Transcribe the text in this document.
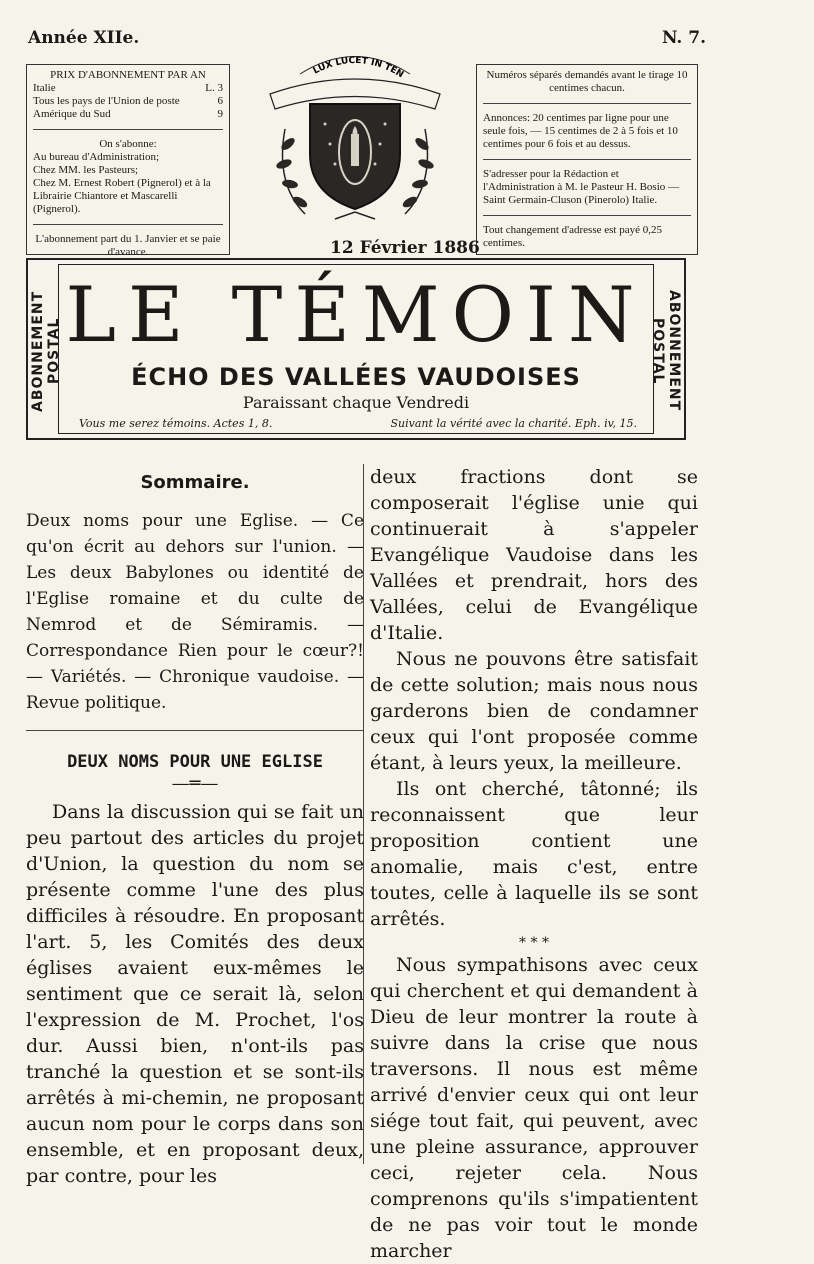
Année XIIe.	N. 7.

PRIX D'ABONNEMENT PAR AN

Italie	L. 3
Tous les pays de l'Union de poste	6
Amérique du Sud	9

On s'abonne:

Au bureau d'Administration;

Chez MM. les Pasteurs;

Chez M. Ernest Robert (Pignerol) et à la Librairie Chiantore et Mascarelli (Pignerol).

L'abonnement part du 1. Janvier et se paie d'avance.

LUX LUCET IN TEN	Numéros séparés demandés avant le tirage 10 centimes chacun.

Annonces: 20 centimes par ligne pour une seule fois, — 15 centimes de 2 à 5 fois et 10 centimes pour 6 fois et au dessus.

S'adresser pour la Rédaction et l'Administration à M. le Pasteur H. Bosio — Saint Germain-Cluson (Pinerolo) Italie.

Tout changement d'adresse est payé 0,25 centimes.

12 Février 1886
ABONNEMENT POSTAL	ABONNEMENT POSTAL
LE TÉMOIN
ÉCHO DES VALLÉES VAUDOISES
Paraissant chaque Vendredi
Vous me serez témoins. Actes 1, 8.	Suivant la vérité avec la charité. Eph. iv, 15.
Sommaire.
Deux noms pour une Eglise. — Ce qu'on écrit au dehors sur l'union. — Les deux Babylones ou identité de l'Eglise romaine et du culte de Nemrod et de Sémiramis. — Correspondance Rien pour le cœur?! — Variétés. — Chronique vaudoise. — Revue politique.
DEUX NOMS POUR UNE EGLISE
—═—

Dans la discussion qui se fait un peu partout des articles du projet d'Union, la question du nom se présente comme l'une des plus difficiles à résoudre. En proposant l'art. 5, les Comités des deux églises avaient eux-mêmes le sentiment que ce serait là, selon l'expression de M. Prochet, l'os dur. Aussi bien, n'ont-ils pas tranché la question et se sont-ils arrêtés à mi-chemin, ne proposant aucun nom pour le corps dans son ensemble, et en proposant deux, par contre, pour les

deux fractions dont se composerait l'église unie qui continuerait à s'appeler Evangélique Vaudoise dans les Vallées et prendrait, hors des Vallées, celui de Evangélique d'Italie.

Nous ne pouvons être satisfait de cette solution; mais nous nous garderons bien de condamner ceux qui l'ont proposée comme étant, à leurs yeux, la meilleure.

Ils ont cherché, tâtonné; ils reconnaissent que leur proposition contient une anomalie, mais c'est, entre toutes, celle à laquelle ils se sont arrêtés.

* * *

Nous sympathisons avec ceux qui cherchent et qui demandent à Dieu de leur montrer la route à suivre dans la crise que nous traversons. Il nous est même arrivé d'envier ceux qui ont leur siége tout fait, qui peuvent, avec une pleine assurance, approuver ceci, rejeter cela. Nous comprenons qu'ils s'impatientent de ne pas voir tout le monde marcher
